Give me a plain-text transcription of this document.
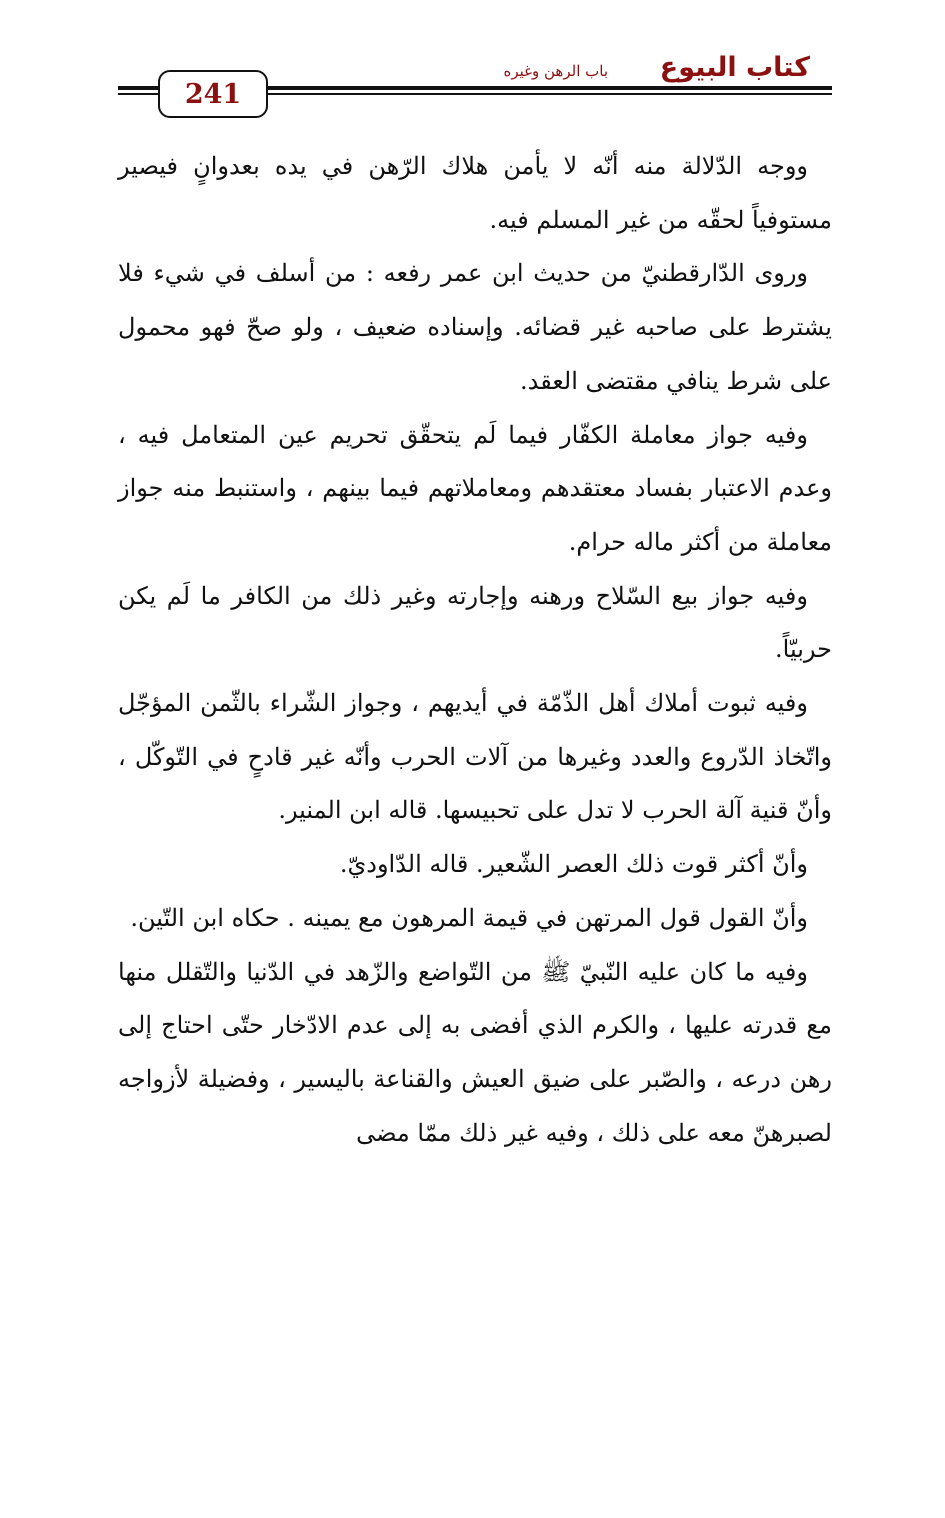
كتاب البيوع
باب الرهن وغيره
241

ووجه الدّلالة منه أنّه لا يأمن هلاك الرّهن في يده بعدوانٍ فيصير مستوفياً لحقّه من غير المسلم فيه.

وروى الدّارقطنيّ من حديث ابن عمر رفعه : من أسلف في شيء فلا يشترط على صاحبه غير قضائه. وإسناده ضعيف ، ولو صحّ فهو محمول على شرط ينافي مقتضى العقد.

وفيه جواز معاملة الكفّار فيما لَم يتحقّق تحريم عين المتعامل فيه ، وعدم الاعتبار بفساد معتقدهم ومعاملاتهم فيما بينهم ، واستنبط منه جواز معاملة من أكثر ماله حرام.

وفيه جواز بيع السّلاح ورهنه وإجارته وغير ذلك من الكافر ما لَم يكن حربيّاً.

وفيه ثبوت أملاك أهل الذّمّة في أيديهم ، وجواز الشّراء بالثّمن المؤجّل واتّخاذ الدّروع والعدد وغيرها من آلات الحرب وأنّه غير قادحٍ في التّوكّل ، وأنّ قنية آلة الحرب لا تدل على تحبيسها. قاله ابن المنير.

وأنّ أكثر قوت ذلك العصر الشّعير. قاله الدّاوديّ.

وأنّ القول قول المرتهن في قيمة المرهون مع يمينه . حكاه ابن التّين.

وفيه ما كان عليه النّبيّ ﷺ من التّواضع والزّهد في الدّنيا والتّقلل منها مع قدرته عليها ، والكرم الذي أفضى به إلى عدم الادّخار حتّى احتاج إلى رهن درعه ، والصّبر على ضيق العيش والقناعة باليسير ، وفضيلة لأزواجه لصبرهنّ معه على ذلك ، وفيه غير ذلك ممّا مضى
